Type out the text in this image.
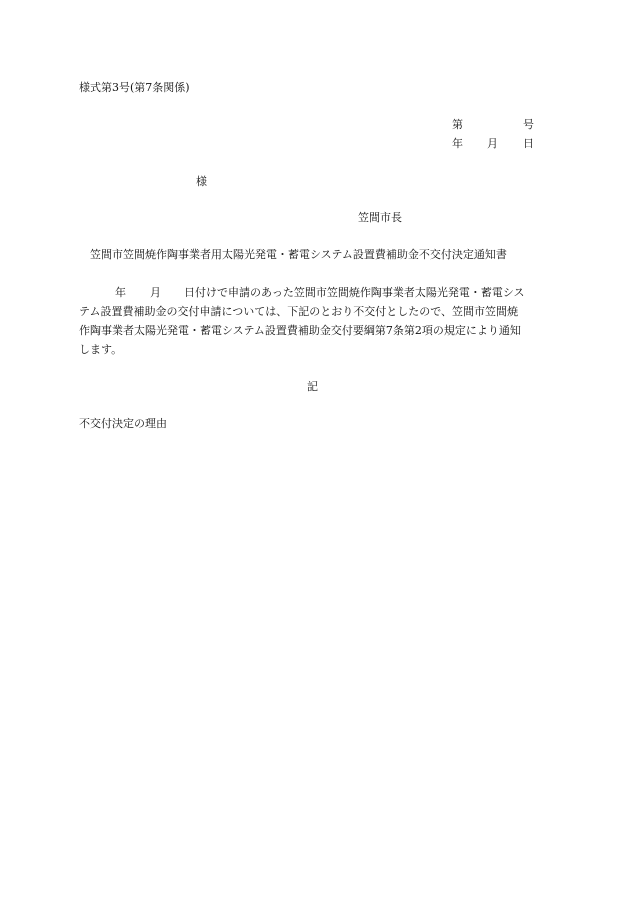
様式第3号(第7条関係)
第	号
年 月 日
様
笠間市長
笠間市笠間焼作陶事業者用太陽光発電・蓄電システム設置費補助金不交付決定通知書
年 月 日付けで申請のあった笠間市笠間焼作陶事業者太陽光発電・蓄電シス
テム設置費補助金の交付申請については、下記のとおり不交付としたので、笠間市笠間焼
作陶事業者太陽光発電・蓄電システム設置費補助金交付要綱第7条第2項の規定により通知
します。
記
不交付決定の理由
